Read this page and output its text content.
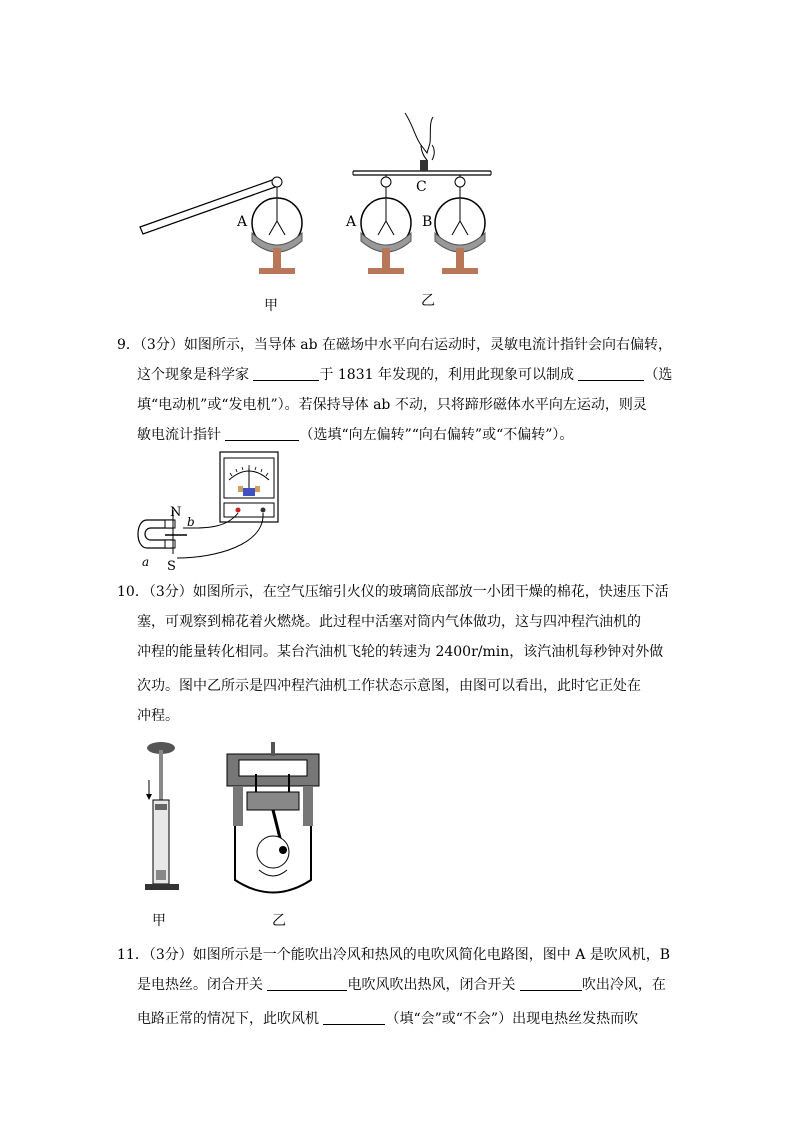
A	A	B
C
甲	乙
9．（3分）如图所示，当导体 ab 在磁场中水平向右运动时，灵敏电流计指针会向右偏转，
这个现象是科学家	于 1831 年发现的，利用此现象可以制成	（选
填“电动机”或“发电机”）。若保持导体 ab 不动，只将蹄形磁体水平向左运动，则灵
敏电流计指针	（选填“向左偏转”“向右偏转”或“不偏转”）。
N
b
a S
10．（3分）如图所示，在空气压缩引火仪的玻璃筒底部放一小团干燥的棉花，快速压下活
塞，可观察到棉花着火燃烧。此过程中活塞对筒内气体做功，这与四冲程汽油机的
冲程的能量转化相同。某台汽油机飞轮的转速为 2400r/min，该汽油机每秒钟对外做
次功。图中乙所示是四冲程汽油机工作状态示意图，由图可以看出，此时它正处在
冲程。
甲	乙
11．（3分）如图所示是一个能吹出冷风和热风的电吹风简化电路图，图中 A 是吹风机，B
是电热丝。闭合开关	电吹风吹出热风，闭合开关	吹出冷风，在
电路正常的情况下，此吹风机	（填“会”或“不会”）出现电热丝发热而吹
